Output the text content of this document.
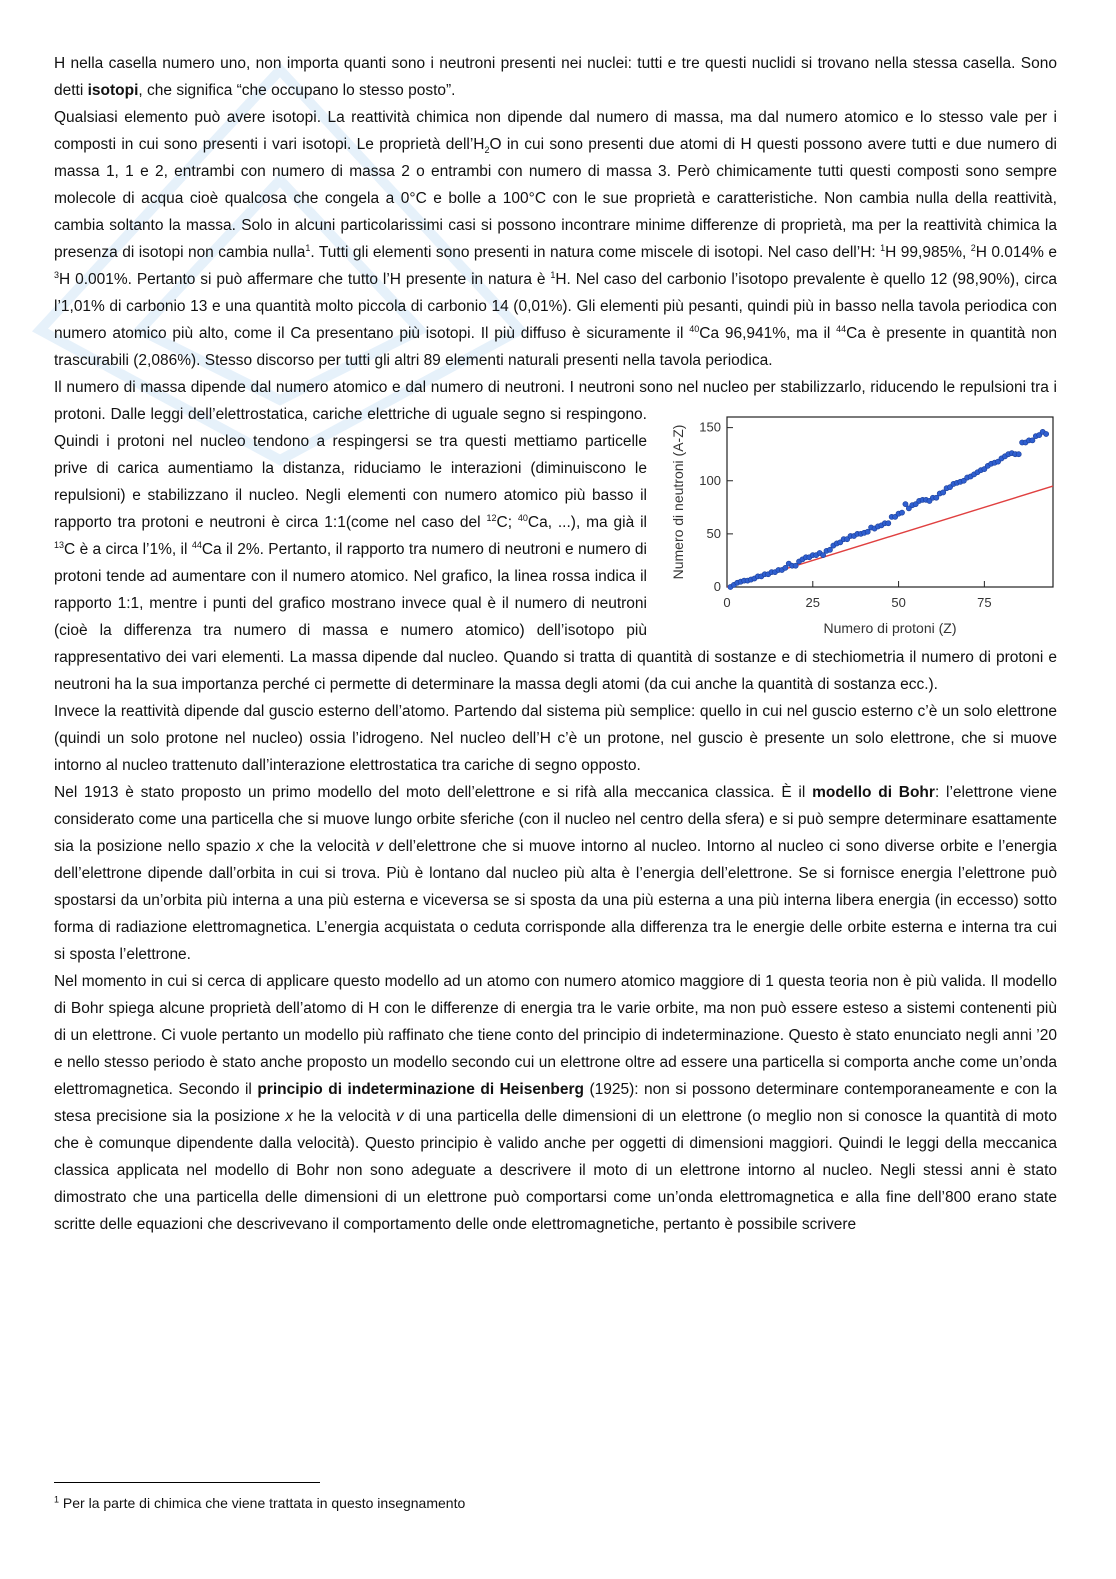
H nella casella numero uno, non importa quanti sono i neutroni presenti nei nuclei: tutti e tre questi nuclidi si trovano nella stessa casella. Sono detti isotopi, che significa “che occupano lo stesso posto”.

Qualsiasi elemento può avere isotopi. La reattività chimica non dipende dal numero di massa, ma dal numero atomico e lo stesso vale per i composti in cui sono presenti i vari isotopi. Le proprietà $dell’H_2O$ in cui sono presenti due atomi di H questi possono avere tutti e due numero di massa 1, 1 e 2, entrambi con numero di massa 2 o entrambi con numero di massa 3. Però chimicamente tutti questi composti sono sempre molecole di acqua cioè qualcosa che congela a 0°C e bolle a 100°C con le sue proprietà e caratteristiche. Non cambia nulla della reattività, cambia soltanto la massa. Solo in alcuni particolarissimi casi si possono incontrare minime differenze di proprietà, ma per la reattività chimica la presenza di isotopi non cambia nulla$^1$. Tutti gli elementi sono presenti in natura come miscele di isotopi. Nel caso dell’H: $^1$H 99,985%, $^2$H 0.014% e $^3$H 0.001%. Pertanto si può affermare che tutto l’H presente in natura è $^1$H. Nel caso del carbonio l’isotopo prevalente è quello 12 (98,90%), circa l’1,01% di carbonio 13 e una quantità molto piccola di carbonio 14 (0,01%). Gli elementi più pesanti, quindi più in basso nella tavola periodica con numero atomico più alto, come il Ca presentano più isotopi. Il più diffuso è sicuramente il $^{40}$Ca 96,941%, ma il $^{44}$Ca è presente in quantità non trascurabili (2,086%). Stesso discorso per tutti gli altri 89 elementi naturali presenti nella tavola periodica.

Il numero di massa dipende dal numero atomico e dal numero di neutroni. I neutroni sono nel nucleo per stabilizzarlo,
0	25	50	75
0
50
100
150
Numero di protoni (Z)
Numero di neutroni (A-Z)
riducendo le repulsioni tra i protoni. Dalle leggi dell’elettrostatica, cariche elettriche di uguale segno si respingono. Quindi i protoni nel nucleo tendono a respingersi se tra questi mettiamo particelle prive di carica aumentiamo la distanza, riduciamo le interazioni (diminuiscono le repulsioni) e stabilizzano il nucleo. Negli elementi con numero atomico più basso il rapporto tra protoni e neutroni è circa 1:1(come nel caso del $^{12}$C; $^{40}$Ca, ...), ma già il $^{13}$C è a circa l’1%, il $^{44}$Ca il 2%. Pertanto, il rapporto tra numero di neutroni e numero di protoni tende ad aumentare con il numero atomico. Nel grafico, la linea rossa indica il rapporto 1:1, mentre i punti del grafico mostrano invece qual è il numero di neutroni (cioè la differenza tra numero di massa e numero atomico) dell’isotopo più rappresentativo dei vari elementi. La massa dipende dal nucleo. Quando si tratta di quantità di sostanze e di stechiometria il numero di protoni e neutroni ha la sua importanza perché ci permette di determinare la massa degli atomi (da cui anche la quantità di sostanza ecc.).

Invece la reattività dipende dal guscio esterno dell’atomo. Partendo dal sistema più semplice: quello in cui nel guscio esterno c’è un solo elettrone (quindi un solo protone nel nucleo) ossia l’idrogeno. Nel nucleo dell’H c’è un protone, nel guscio è presente un solo elettrone, che si muove intorno al nucleo trattenuto dall’interazione elettrostatica tra cariche di segno opposto.

Nel 1913 è stato proposto un primo modello del moto dell’elettrone e si rifà alla meccanica classica. È il modello di Bohr: l’elettrone viene considerato come una particella che si muove lungo orbite sferiche (con il nucleo nel centro della sfera) e si può sempre determinare esattamente sia la posizione nello spazio x che la velocità v dell’elettrone che si muove intorno al nucleo. Intorno al nucleo ci sono diverse orbite e l’energia dell’elettrone dipende dall’orbita in cui si trova. Più è lontano dal nucleo più alta è l’energia dell’elettrone. Se si fornisce energia l’elettrone può spostarsi da un’orbita più interna a una più esterna e viceversa se si sposta da una più esterna a una più interna libera energia (in eccesso) sotto forma di radiazione elettromagnetica. L’energia acquistata o ceduta corrisponde alla differenza tra le energie delle orbite esterna e interna tra cui si sposta l’elettrone.

Nel momento in cui si cerca di applicare questo modello ad un atomo con numero atomico maggiore di 1 questa teoria non è più valida. Il modello di Bohr spiega alcune proprietà dell’atomo di H con le differenze di energia tra le varie orbite, ma non può essere esteso a sistemi contenenti più di un elettrone. Ci vuole pertanto un modello più raffinato che tiene conto del principio di indeterminazione. Questo è stato enunciato negli anni ’20 e nello stesso periodo è stato anche proposto un modello secondo cui un elettrone oltre ad essere una particella si comporta anche come un’onda elettromagnetica. Secondo il principio di indeterminazione di Heisenberg (1925): non si possono determinare contemporaneamente e con la stesa precisione sia la posizione x he la velocità v di una particella delle dimensioni di un elettrone (o meglio non si conosce la quantità di moto che è comunque dipendente dalla velocità). Questo principio è valido anche per oggetti di dimensioni maggiori. Quindi le leggi della meccanica classica applicata nel modello di Bohr non sono adeguate a descrivere il moto di un elettrone intorno al nucleo. Negli stessi anni è stato dimostrato che una particella delle dimensioni di un elettrone può comportarsi come un’onda elettromagnetica e alla fine dell’800 erano state scritte delle equazioni che descrivevano il comportamento delle onde elettromagnetiche, pertanto è possibile scrivere

$^1$ Per la parte di chimica che viene trattata in questo insegnamento
